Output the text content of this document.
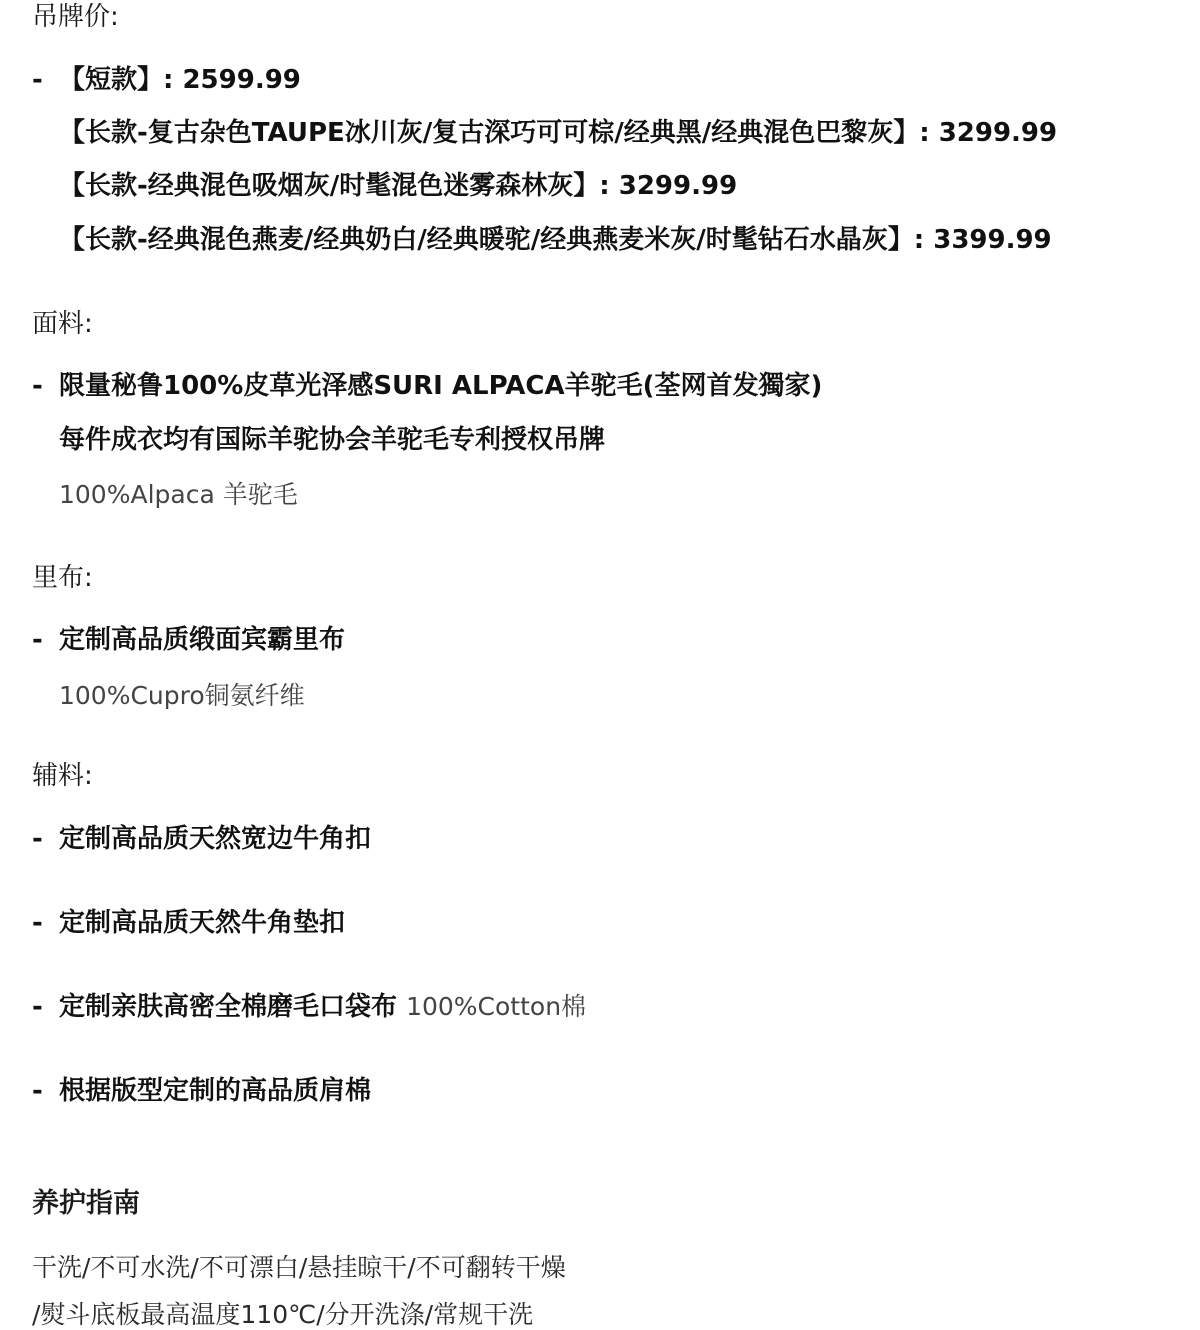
吊牌价:
- 【短款】: 2599.99
【长款-复古杂色TAUPE冰川灰/复古深巧可可棕/经典黑/经典混色巴黎灰】: 3299.99
【长款-经典混色吸烟灰/时髦混色迷雾森林灰】: 3299.99
【长款-经典混色燕麦/经典奶白/经典暖驼/经典燕麦米灰/时髦钻石水晶灰】: 3399.99
面料:
- 限量秘鲁100%皮草光泽感SURI ALPACA羊驼毛(荃网首发獨家)
每件成衣均有国际羊驼协会羊驼毛专利授权吊牌
100%Alpaca 羊驼毛
里布:
- 定制高品质缎面宾霸里布
100%Cupro铜氨纤维
辅料:
- 定制高品质天然宽边牛角扣
- 定制高品质天然牛角垫扣
- 定制亲肤高密全棉磨毛口袋布 100%Cotton棉
- 根据版型定制的高品质肩棉
养护指南
干洗/不可水洗/不可漂白/悬挂晾干/不可翻转干燥
/熨斗底板最高温度110℃/分开洗涤/常规干洗
